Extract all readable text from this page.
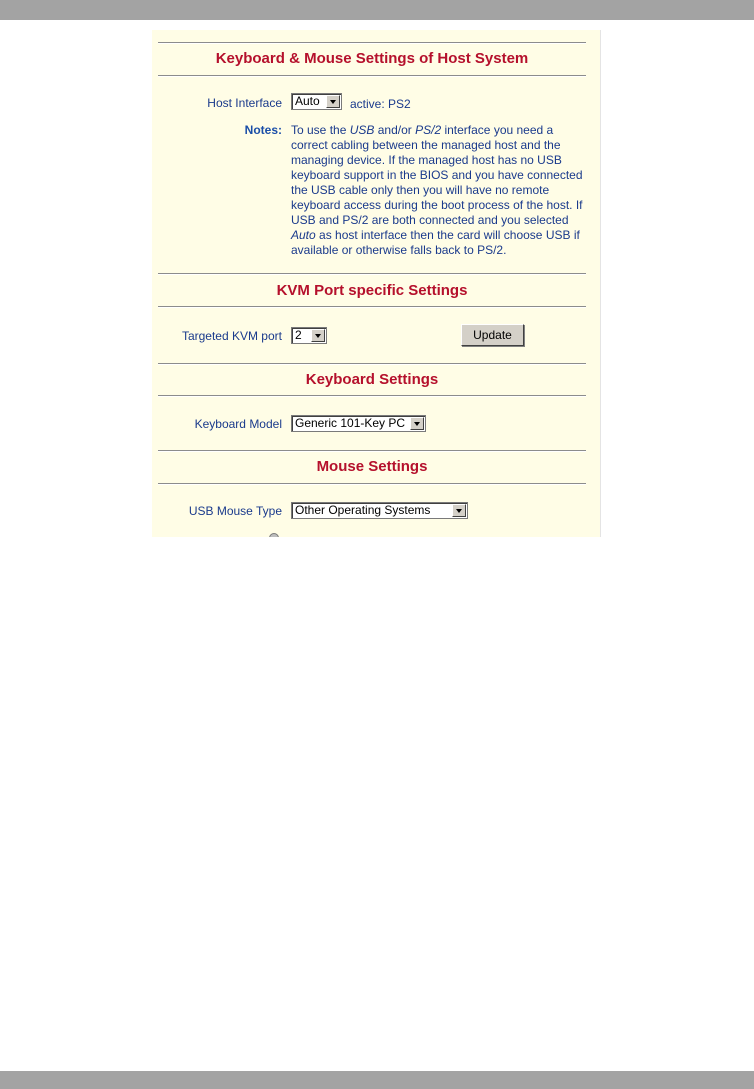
Keyboard & Mouse Settings of Host System
Host Interface	Auto	active: PS2
Notes: To use the USB and/or PS/2 interface you need a correct cabling between the managed host and the managing device. If the managed host has no USB keyboard support in the BIOS and you have connected the USB cable only then you will have no remote keyboard access during the boot process of the host. If USB and PS/2 are both connected and you selected Auto as host interface then the card will choose USB if available or otherwise falls back to PS/2.
KVM Port specific Settings
Targeted KVM port	2	Update
Keyboard Settings
Keyboard Model	Generic 101-Key PC
Mouse Settings
USB Mouse Type	Other Operating Systems
